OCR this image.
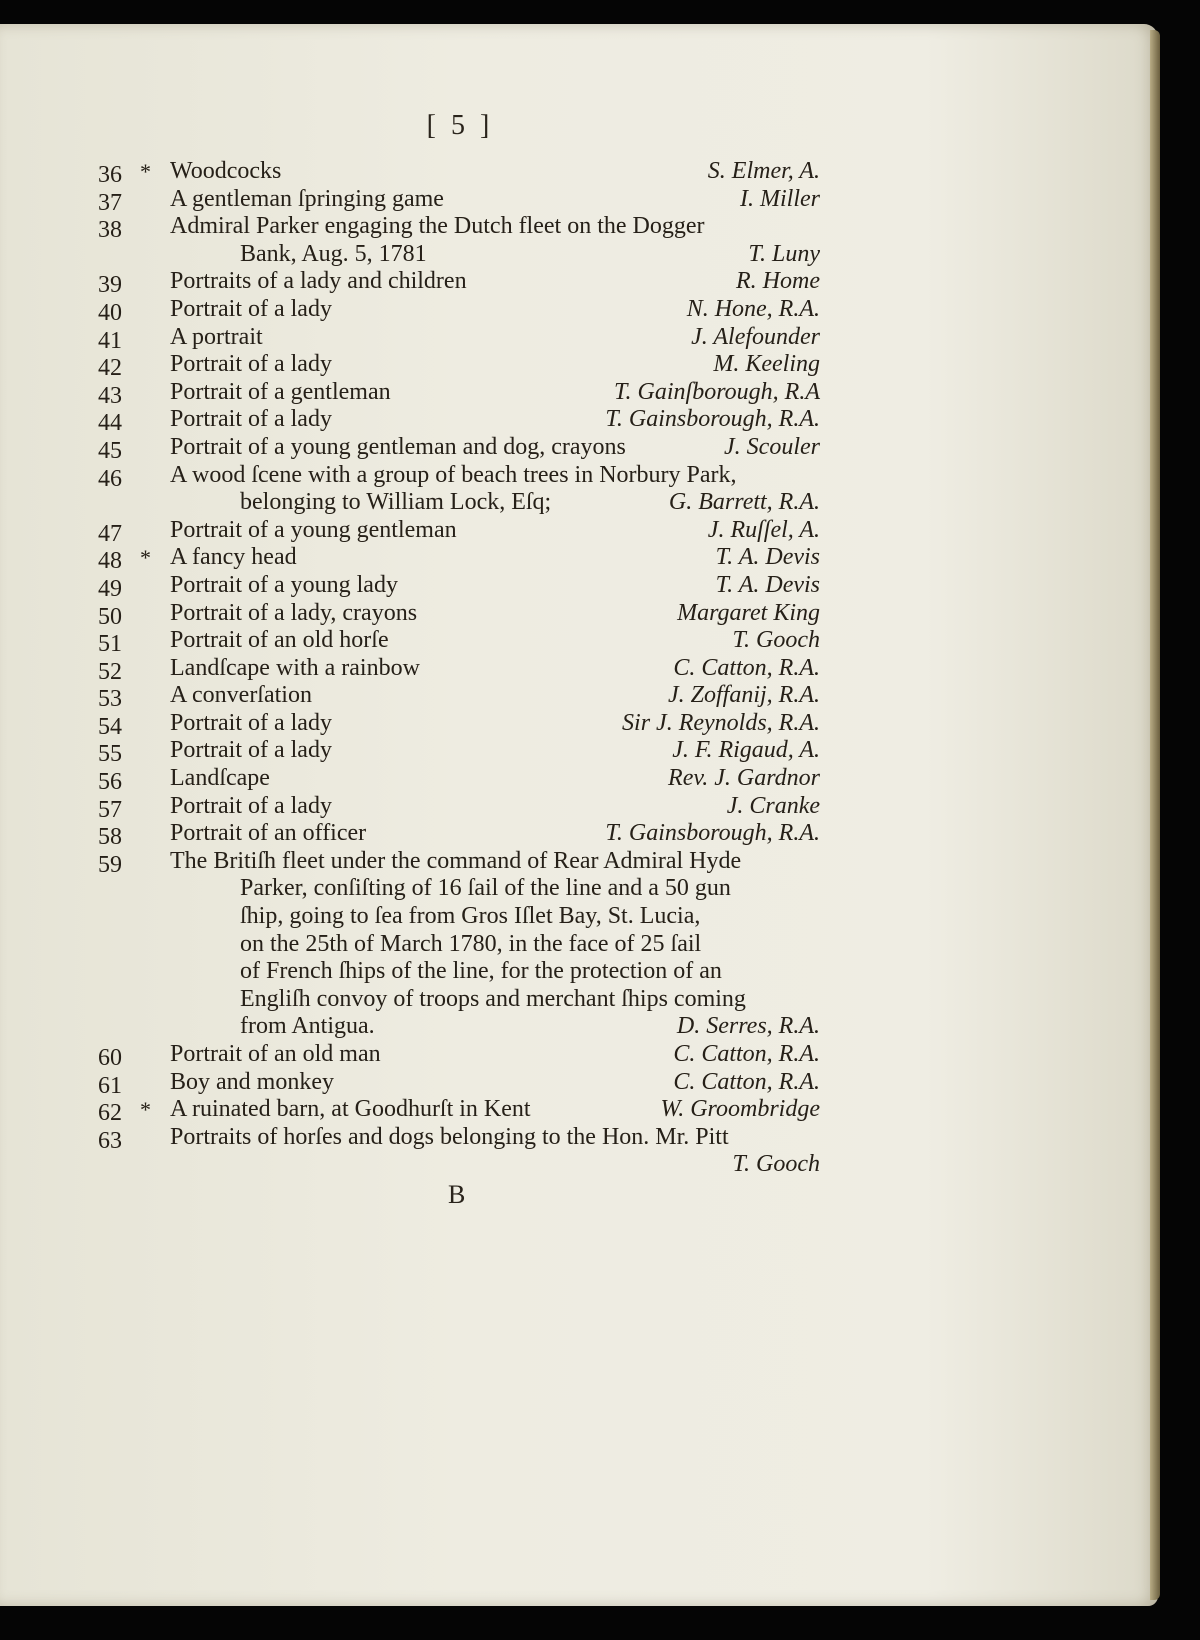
[ 5 ]
36 * Woodcocks	S. Elmer, A.
37	A gentleman ſpringing game	I. Miller
38	Admiral Parker engaging the Dutch fleet on the Dogger
Bank, Aug. 5, 1781	T. Luny
39	Portraits of a lady and children	R. Home
40	Portrait of a lady	N. Hone, R.A.
41	A portrait	J. Alefounder
42	Portrait of a lady	M. Keeling
43	Portrait of a gentleman	T. Gainſborough, R.A
44	Portrait of a lady	T. Gainsborough, R.A.
45	Portrait of a young gentleman and dog, crayons	J. Scouler
46	A wood ſcene with a group of beach trees in Norbury Park,
belonging to William Lock, Eſq;	G. Barrett, R.A.
47	Portrait of a young gentleman	J. Ruſſel, A.
48 * A fancy head	T. A. Devis
49	Portrait of a young lady	T. A. Devis
50	Portrait of a lady, crayons	Margaret King
51	Portrait of an old horſe	T. Gooch
52	Landſcape with a rainbow	C. Catton, R.A.
53	A converſation	J. Zoffanij, R.A.
54	Portrait of a lady	Sir J. Reynolds, R.A.
55	Portrait of a lady	J. F. Rigaud, A.
56	Landſcape	Rev. J. Gardnor
57	Portrait of a lady	J. Cranke
58	Portrait of an officer	T. Gainsborough, R.A.
59	The Britiſh fleet under the command of Rear Admiral Hyde
Parker, conſiſting of 16 ſail of the line and a 50 gun
ſhip, going to ſea from Gros Iſlet Bay, St. Lucia,
on the 25th of March 1780, in the face of 25 ſail
of French ſhips of the line, for the protection of an
Engliſh convoy of troops and merchant ſhips coming
from Antigua.	D. Serres, R.A.
60	Portrait of an old man	C. Catton, R.A.
61	Boy and monkey	C. Catton, R.A.
62 * A ruinated barn, at Goodhurſt in Kent	W. Groombridge
63	Portraits of horſes and dogs belonging to the Hon. Mr. Pitt
T. Gooch
B
